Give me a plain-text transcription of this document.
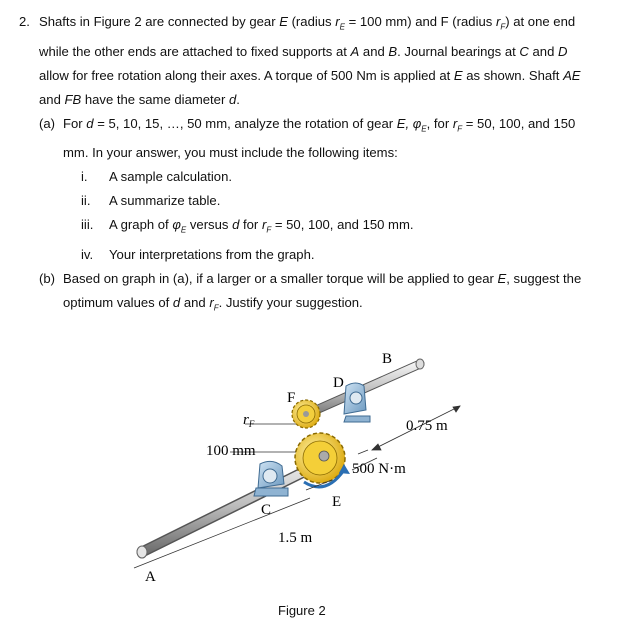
2. Shafts in Figure 2 are connected by gear E (radius $r_E = 100$ mm) and F (radius $r_F$) at one end
while the other ends are attached to fixed supports at A and B. Journal bearings at C and D
allow for free rotation along their axes. A torque of 500 Nm is applied at E as shown. Shaft AE
and FB have the same diameter d.
(a) For d = 5, 10, 15, …, 50 mm, analyze the rotation of gear E, $\varphi_E$, for $r_F = 50$, 100, and 150
mm. In your answer, you must include the following items:
i.	A sample calculation.
ii.	A summarize table.
iii.	A graph of $\varphi_E$ versus d for $r_F = 50$, 100, and 150 mm.
iv.	Your interpretations from the graph.
(b) Based on graph in (a), if a larger or a smaller torque will be applied to gear E, suggest the
optimum values of d and $r_F$. Justify your suggestion.
B
D
F
$r_F$
100 mm
0.75 m
500 N·m
C	E
1.5 m
A
Figure 2
